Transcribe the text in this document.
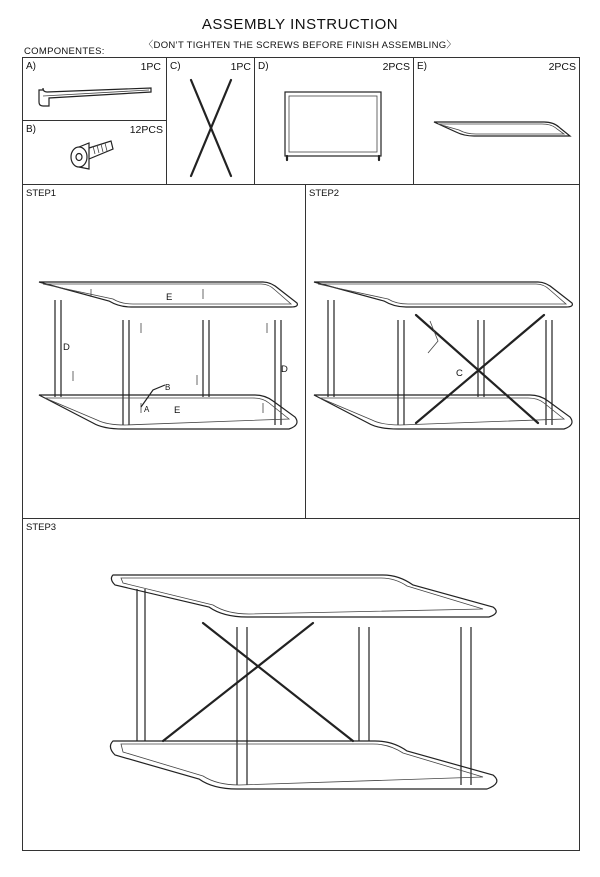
ASSEMBLY INSTRUCTION
〈DON’T TIGHTEN THE SCREWS BEFORE FINISH ASSEMBLING〉
COMPONENTES:
A)	1PC
B)	12PCS
C)	1PC D)	2PCS E)	2PCS
STEP1
E
D
D
B
A	E
STEP2
C
STEP3
